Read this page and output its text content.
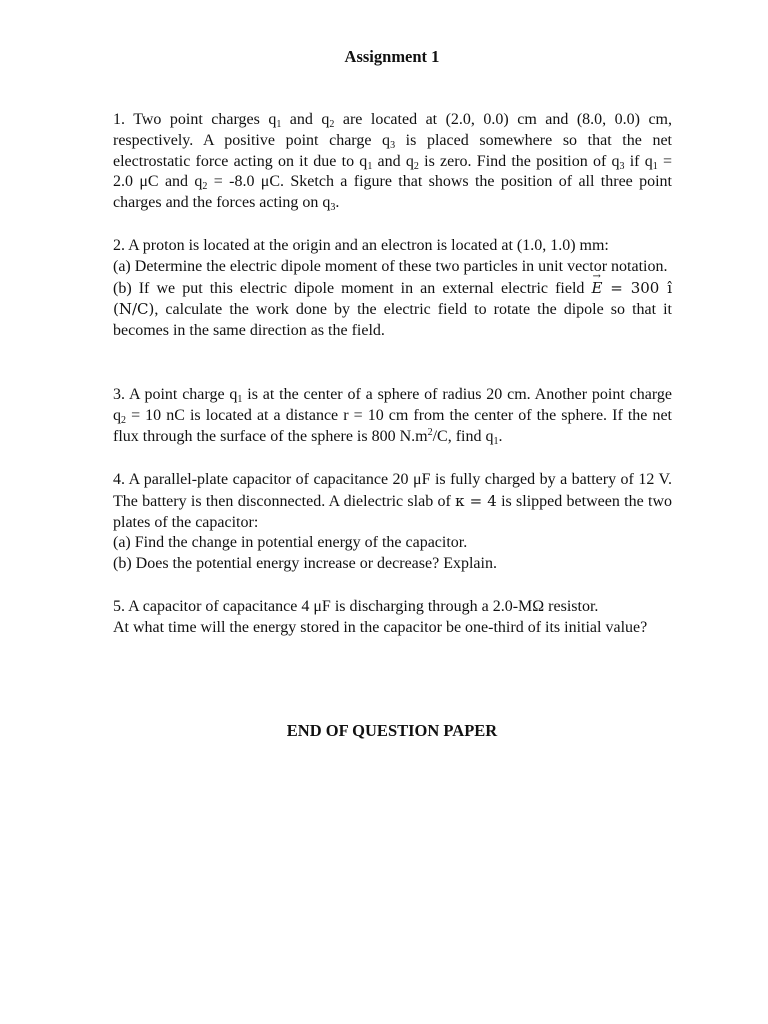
Assignment 1

1. Two point charges $q_1$ and $q_2$ are located at (2.0, 0.0) cm and (8.0, 0.0) cm, respectively. A positive point charge $q_3$ is placed somewhere so that the net electrostatic force acting on it due to $q_1$ and $q_2$ is zero. Find the position of $q_3$ if $q_1 = 2.0$ μC and $q_2 = -8.0$ μC. Sketch a figure that shows the position of all three point charges and the forces acting on $q_3$.

2. A proton is located at the origin and an electron is located at (1.0, 1.0) mm:

(a) Determine the electric dipole moment of these two particles in unit vector notation.

(b) If we put this electric dipole moment in an external electric field → E = 300 î (N/C), calculate the work done by the electric field to rotate the dipole so that it becomes in the same direction as the field.

3. A point charge $q_1$ is at the center of a sphere of radius 20 cm. Another point charge $q_2 = 10$ nC is located at a distance r = 10 cm from the center of the sphere. If the net flux through the surface of the sphere is 800 $N.m^2/C$, find $q_1$.

4. A parallel-plate capacitor of capacitance 20 μF is fully charged by a battery of 12 V. The battery is then disconnected. A dielectric slab of κ = 4 is slipped between the two plates of the capacitor:

(a) Find the change in potential energy of the capacitor.

(b) Does the potential energy increase or decrease? Explain.

5. A capacitor of capacitance 4 μF is discharging through a 2.0-MΩ resistor.

At what time will the energy stored in the capacitor be one-third of its initial value?

END OF QUESTION PAPER
